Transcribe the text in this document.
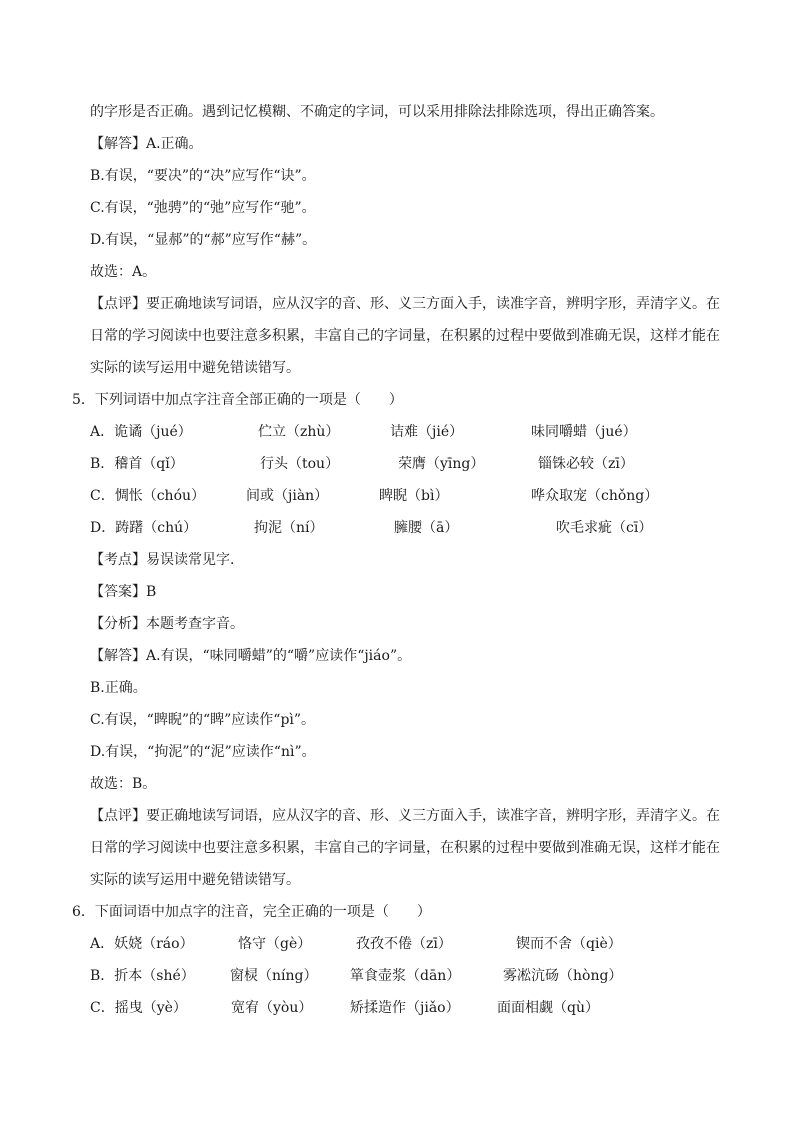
的字形是否正确。遇到记忆模糊、不确定的字词，可以采用排除法排除选项，得出正确答案。
【解答】A.正确。
B.有误，“要决”的“决”应写作“诀”。
C.有误，“弛骋”的“弛”应写作“驰”。
D.有误，“显郝”的“郝”应写作“赫”。
故选：A。
【点评】要正确地读写词语，应从汉字的音、形、义三方面入手，读准字音，辨明字形，弄清字义。在
日常的学习阅读中也要注意多积累，丰富自己的字词量，在积累的过程中要做到准确无误，这样才能在
实际的读写运用中避免错读错写。
5．下列词语中加点字注音全部正确的一项是（　　）
A．诡谲（jué）	伫立（zhù）	诘难（jié）	味同嚼蜡（jué）
B．稽首（qǐ）	行头（tou）	荣膺（yīng）	锱铢必较（zī）
C．惆怅（chóu）	间或（jiàn）	睥睨（bì）	哗众取宠（chǒng）
D．踌躇（chú）	拘泥（ní）	臃腰（ā）	吹毛求疵（cī）
【考点】易误读常见字.
【答案】B
【分析】本题考查字音。
【解答】A.有误，“味同嚼蜡”的“嚼”应读作“jiáo”。
B.正确。
C.有误，“睥睨”的“睥”应读作“pì”。
D.有误，“拘泥”的“泥”应读作“nì”。
故选：B。
【点评】要正确地读写词语，应从汉字的音、形、义三方面入手，读准字音，辨明字形，弄清字义。在
日常的学习阅读中也要注意多积累，丰富自己的字词量，在积累的过程中要做到准确无误，这样才能在
实际的读写运用中避免错读错写。
6．下面词语中加点字的注音，完全正确的一项是（　　）
A．妖娆（ráo）	恪守（gè）	孜孜不倦（zī）	锲而不舍（qiè）
B．折本（shé）	窗棂（níng） 箪食壶浆（dān）	雾凇沆砀（hòng）
C．摇曳（yè）	宽宥（yòu）	矫揉造作（jiǎo）	面面相觑（qù）
